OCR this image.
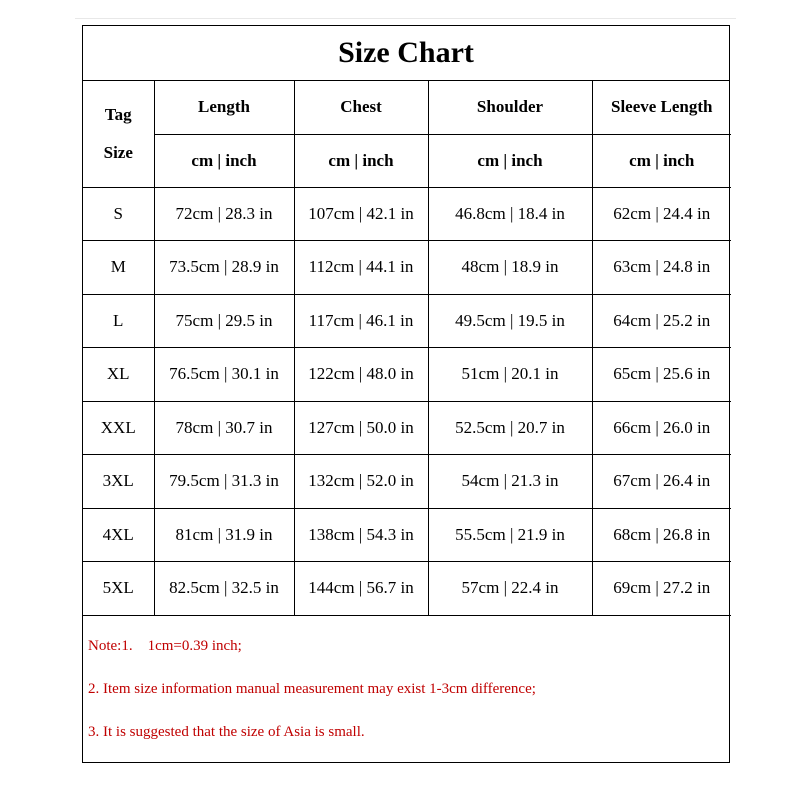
Size Chart
Tag
Size	Length	Chest	Shoulder	Sleeve Length
	cm | inch	cm | inch	cm | inch	cm | inch
S	72cm | 28.3 in	107cm | 42.1 in	46.8cm | 18.4 in	62cm | 24.4 in
M	73.5cm | 28.9 in	112cm | 44.1 in	48cm | 18.9 in	63cm | 24.8 in
L	75cm | 29.5 in	117cm | 46.1 in	49.5cm | 19.5 in	64cm | 25.2 in
XL	76.5cm | 30.1 in	122cm | 48.0 in	51cm | 20.1 in	65cm | 25.6 in
XXL	78cm | 30.7 in	127cm | 50.0 in	52.5cm | 20.7 in	66cm | 26.0 in
3XL	79.5cm | 31.3 in	132cm | 52.0 in	54cm | 21.3 in	67cm | 26.4 in
4XL	81cm | 31.9 in	138cm | 54.3 in	55.5cm | 21.9 in	68cm | 26.8 in
5XL	82.5cm | 32.5 in	144cm | 56.7 in	57cm | 22.4 in	69cm | 27.2 in
Note:1.    1cm=0.39 inch;
2. Item size information manual measurement may exist 1-3cm difference;
3. It is suggested that the size of Asia is small.
